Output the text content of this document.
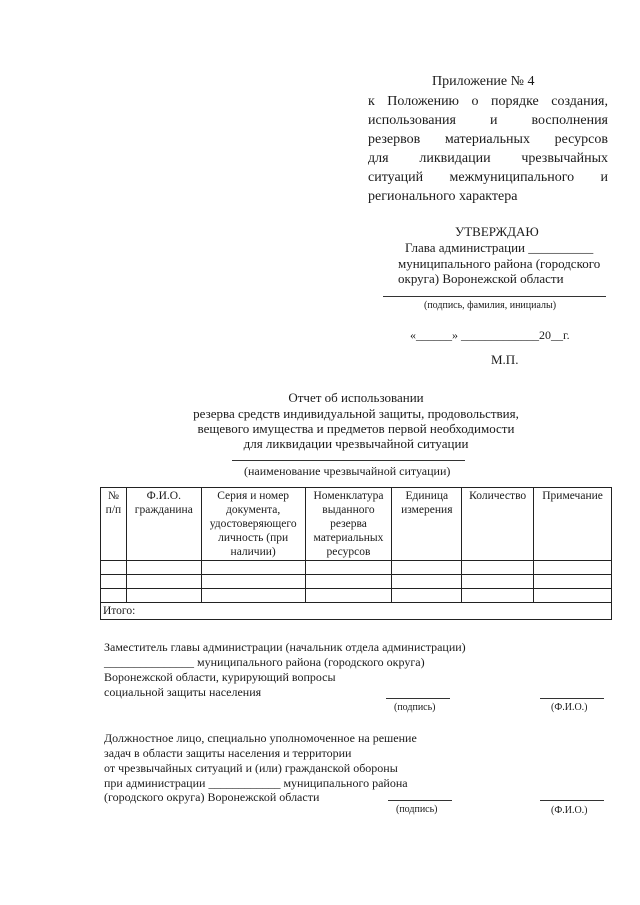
Приложение № 4
к Положению о порядке создания,
использования и восполнения
резервов материальных ресурсов
для ликвидации чрезвычайных
ситуаций межмуниципального и
регионального характера
УТВЕРЖДАЮ
Глава администрации __________
муниципального района (городского
округа) Воронежской области
(подпись, фамилия, инициалы)
«______» _____________20__г.
М.П.
Отчет об использовании
резерва средств индивидуальной защиты, продовольствия,
вещевого имущества и предметов первой необходимости
для ликвидации чрезвычайной ситуации
(наименование чрезвычайной ситуации)
№ п/п	Ф.И.О. гражданина	Серия и номер документа, удостоверяющего личность (при наличии)	Номенклатура выданного резерва материальных ресурсов	Единица измерения	Количество	Примечание

Итого:						
Заместитель главы администрации (начальник отдела администрации)
_______________ муниципального района (городского округа)
Воронежской области, курирующий вопросы
социальной защиты населения
(подпись)	(Ф.И.О.)
Должностное лицо, специально уполномоченное на решение
задач в области защиты населения и территории
от чрезвычайных ситуаций и (или) гражданской обороны
при администрации ____________ муниципального района
(городского округа) Воронежской области
(подпись)	(Ф.И.О.)
